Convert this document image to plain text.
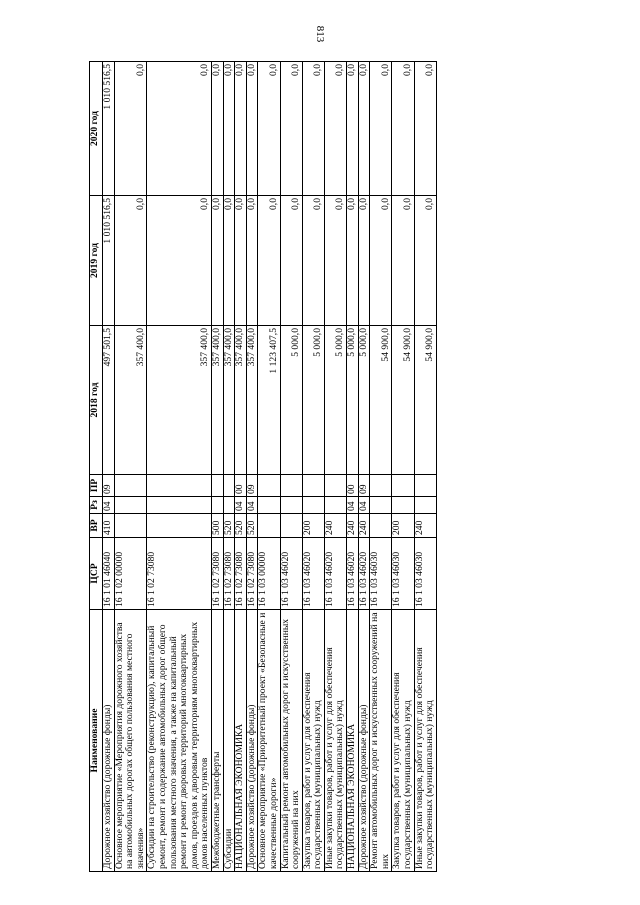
813
Наименование	ЦСР	ВР	Рз	ПР	2018 год	2019 год	2020 год
Дорожное хозяйство (дорожные фонды)	16 1 01 46040	410	04	09	497 501,5	1 010 516,5	1 010 516,5
Основное мероприятие «Мероприятия дорожного хозяйства на автомобильных дорогах общего пользования местного значения»	16 1 02 00000				357 400,0	0,0	0,0
Субсидии на строительство (реконструкцию), капитальный ремонт, ремонт и содержание автомобильных дорог общего пользования местного значения, а также на капитальный ремонт и ремонт дворовых территорий многоквартирных домов, проездов к дворовым территориям многоквартирных домов населенных пунктов	16 1 02 73080				357 400,0	0,0	0,0
Межбюджетные трансферты	16 1 02 73080	500			357 400,0	0,0	0,0
Субсидии	16 1 02 73080	520			357 400,0	0,0	0,0
НАЦИОНАЛЬНАЯ ЭКОНОМИКА	16 1 02 73080	520	04	00	357 400,0	0,0	0,0
Дорожное хозяйство (дорожные фонды)	16 1 02 73080	520	04	09	357 400,0	0,0	0,0
Основное мероприятие «Приоритетный проект «Безопасные и качественные дороги»	16 1 03 00000				1 123 407,5	0,0	0,0
Капитальный ремонт автомобильных дорог и искусственных сооружений на них	16 1 03 46020				5 000,0	0,0	0,0
Закупка товаров, работ и услуг для обеспечения государственных (муниципальных) нужд	16 1 03 46020	200			5 000,0	0,0	0,0
Иные закупки товаров, работ и услуг для обеспечения государственных (муниципальных) нужд	16 1 03 46020	240			5 000,0	0,0	0,0
НАЦИОНАЛЬНАЯ ЭКОНОМИКА	16 1 03 46020	240	04	00	5 000,0	0,0	0,0
Дорожное хозяйство (дорожные фонды)	16 1 03 46020	240	04	09	5 000,0	0,0	0,0
Ремонт автомобильных дорог и искусственных сооружений на них	16 1 03 46030				54 900,0	0,0	0,0
Закупка товаров, работ и услуг для обеспечения государственных (муниципальных) нужд	16 1 03 46030	200			54 900,0	0,0	0,0
Иные закупки товаров, работ и услуг для обеспечения государственных (муниципальных) нужд	16 1 03 46030	240			54 900,0	0,0	0,0
